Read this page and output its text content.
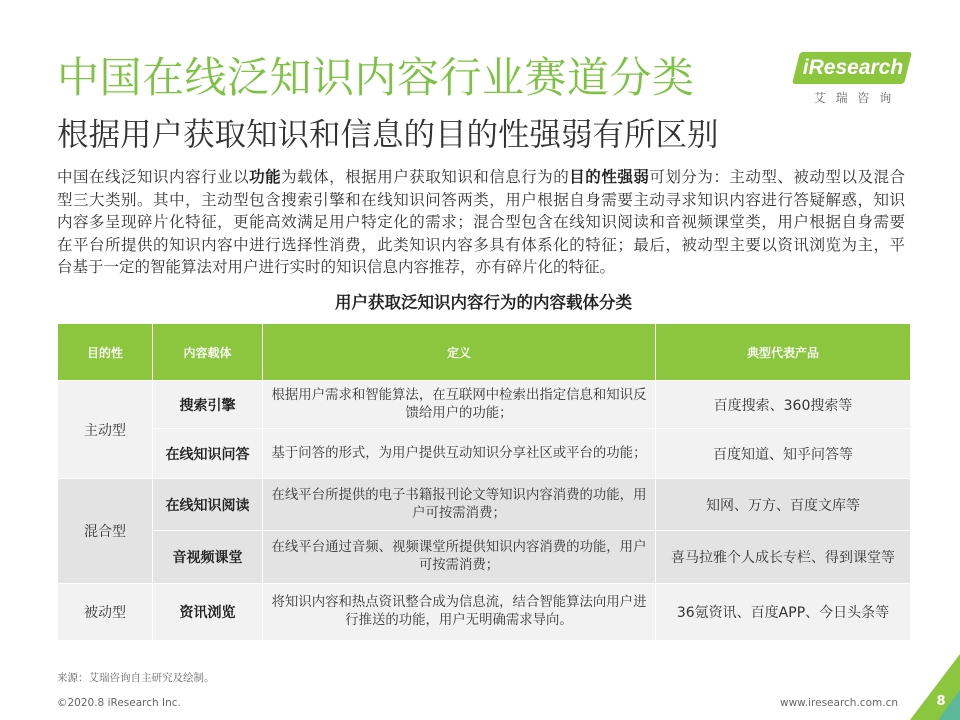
中国在线泛知识内容行业赛道分类
根据用户获取知识和信息的目的性强弱有所区别
iResearch
艾 瑞 咨 询
中国在线泛知识内容行业以功能为载体，根据用户获取知识和信息行为的目的性强弱可划分为：主动型、被动型以及混合
型三大类别。其中，主动型包含搜索引擎和在线知识问答两类，用户根据自身需要主动寻求知识内容进行答疑解惑，知识
内容多呈现碎片化特征，更能高效满足用户特定化的需求；混合型包含在线知识阅读和音视频课堂类，用户根据自身需要
在平台所提供的知识内容中进行选择性消费，此类知识内容多具有体系化的特征；最后，被动型主要以资讯浏览为主，平
台基于一定的智能算法对用户进行实时的知识信息内容推荐，亦有碎片化的特征。
用户获取泛知识内容行为的内容载体分类
目的性	内容载体	定义	典型代表产品
主动型	搜索引擎	根据用户需求和智能算法，在互联网中检索出指定信息和知识反馈给用户的功能；	百度搜索、360搜索等
	在线知识问答	基于问答的形式，为用户提供互动知识分享社区或平台的功能；	百度知道、知乎问答等
混合型	在线知识阅读	在线平台所提供的电子书籍报刊论文等知识内容消费的功能，用户可按需消费；	知网、万方、百度文库等
	音视频课堂	在线平台通过音频、视频课堂所提供知识内容消费的功能，用户可按需消费；	喜马拉雅个人成长专栏、得到课堂等
被动型	资讯浏览	将知识内容和热点资讯整合成为信息流，结合智能算法向用户进行推送的功能，用户无明确需求导向。	36氪资讯、百度APP、今日头条等
来源：艾瑞咨询自主研究及绘制。
©2020.8 iResearch Inc.	www.iresearch.com.cn	8
